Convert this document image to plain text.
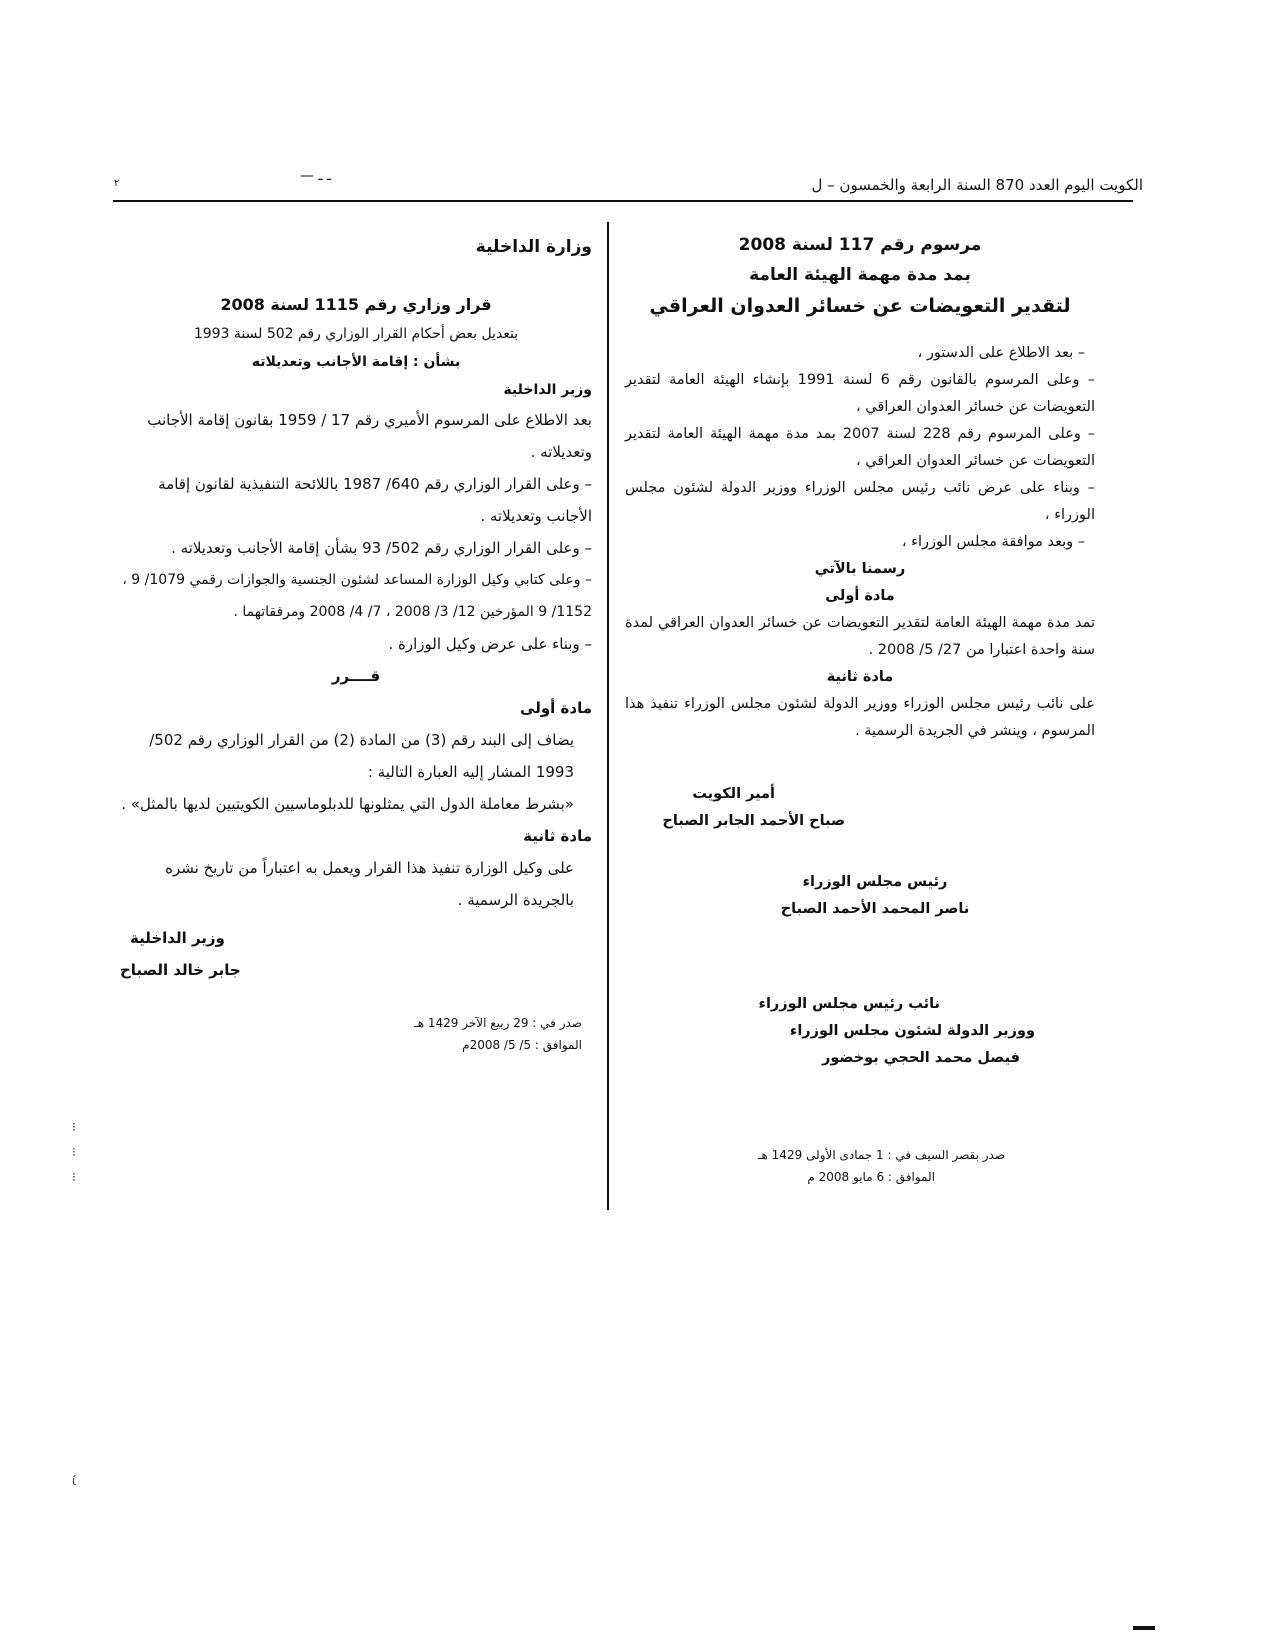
الكويت اليوم العدد 870 السنة الرابعة والخمسون – ل
— ـ ـ
٢
مرسوم رقم 117 لسنة 2008
بمد مدة مهمة الهيئة العامة
لتقدير التعويضات عن خسائر العدوان العراقي
– بعد الاطلاع على الدستور ،
– وعلى المرسوم بالقانون رقم 6 لسنة 1991 بإنشاء الهيئة العامة لتقدير التعويضات عن خسائر العدوان العراقي ،
– وعلى المرسوم رقم 228 لسنة 2007 بمد مدة مهمة الهيئة العامة لتقدير التعويضات عن خسائر العدوان العراقي ،
– وبناء على عرض نائب رئيس مجلس الوزراء ووزير الدولة لشئون مجلس الوزراء ،
– وبعد موافقة مجلس الوزراء ،
رسمنا بالآتي
مادة أولى
تمد مدة مهمة الهيئة العامة لتقدير التعويضات عن خسائر العدوان العراقي لمدة سنة واحدة اعتبارا من 27/ 5/ 2008 .
مادة ثانية
على نائب رئيس مجلس الوزراء ووزير الدولة لشئون مجلس الوزراء تنفيذ هذا المرسوم ، وينشر في الجريدة الرسمية .
أمير الكويت
صباح الأحمد الجابر الصباح
رئيس مجلس الوزراء
ناصر المحمد الأحمد الصباح
نائب رئيس مجلس الوزراء
ووزير الدولة لشئون مجلس الوزراء
فيصل محمد الحجي بوخضور
صدر بقصر السيف في : 1 جمادى الأولى 1429 هـ
الموافق : 6 مايو 2008 م
وزارة الداخلية
قرار وزاري رقم 1115 لسنة 2008
بتعديل بعض أحكام القرار الوزاري رقم 502 لسنة 1993
بشأن : إقامة الأجانب وتعديلاته
وزير الداخلية
بعد الاطلاع على المرسوم الأميري رقم 17 / 1959 بقانون إقامة الأجانب وتعديلاته .
– وعلى القرار الوزاري رقم 640/ 1987 باللائحة التنفيذية لقانون إقامة الأجانب وتعديلاته .
– وعلى القرار الوزاري رقم 502/ 93 بشأن إقامة الأجانب وتعديلاته .
– وعلى كتابي وكيل الوزارة المساعد لشئون الجنسية والجوازات رقمي 1079/ 9 ، 1152/ 9 المؤرخين 12/ 3/ 2008 ، 7/ 4/ 2008 ومرفقاتهما .
– وبناء على عرض وكيل الوزارة .
قــــرر
مادة أولى
يضاف إلى البند رقم (3) من المادة (2) من القرار الوزاري رقم 502/ 1993 المشار إليه العبارة التالية :
«بشرط معاملة الدول التي يمثلونها للدبلوماسيين الكويتيين لديها بالمثل» .
مادة ثانية
على وكيل الوزارة تنفيذ هذا القرار ويعمل به اعتباراً من تاريخ نشره بالجريدة الرسمية .
وزير الداخلية
جابر خالد الصباح
صدر في : 29 ربيع الآخر 1429 هـ
الموافق : 5/ 5/ 2008م
⁝
⁝
⁝
ί
